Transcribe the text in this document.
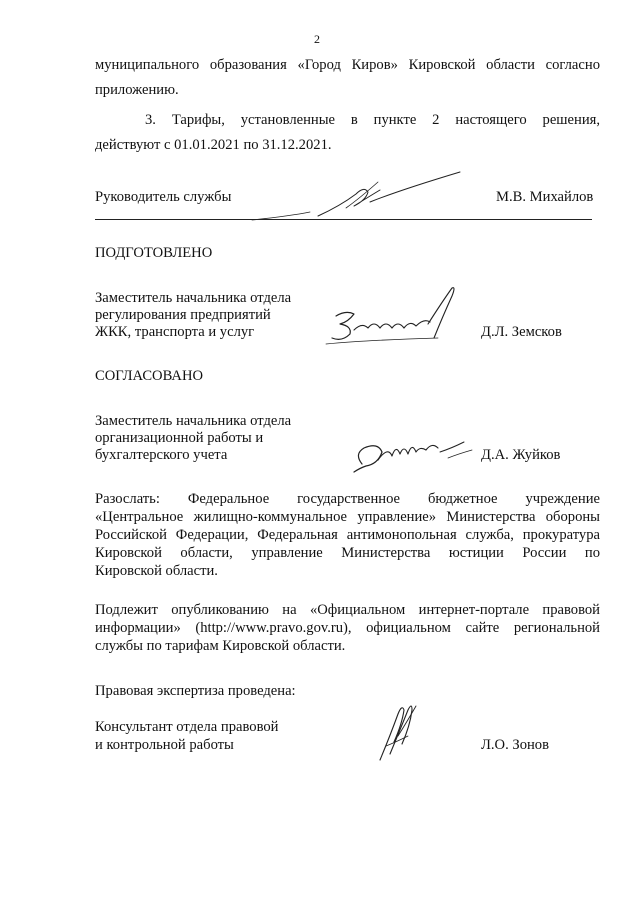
2
муниципального образования «Город Киров» Кировской области согласно
приложению.
3. Тарифы, установленные в пункте 2 настоящего решения,
действуют с 01.01.2021 по 31.12.2021.
Руководитель службы	М.В. Михайлов
ПОДГОТОВЛЕНО
Заместитель начальника отдела
регулирования предприятий
ЖКК, транспорта и услуг	Д.Л. Земсков
СОГЛАСОВАНО
Заместитель начальника отдела
организационной работы и
бухгалтерского учета	Д.А. Жуйков
Разослать: Федеральное государственное бюджетное учреждение
«Центральное жилищно-коммунальное управление» Министерства обороны
Российской Федерации, Федеральная антимонопольная служба, прокуратура
Кировской области, управление Министерства юстиции России по
Кировской области.
Подлежит опубликованию на «Официальном интернет-портале правовой
информации» (http://www.pravo.gov.ru), официальном сайте региональной
службы по тарифам Кировской области.
Правовая экспертиза проведена:
Консультант отдела правовой
и контрольной работы	Л.О. Зонов
